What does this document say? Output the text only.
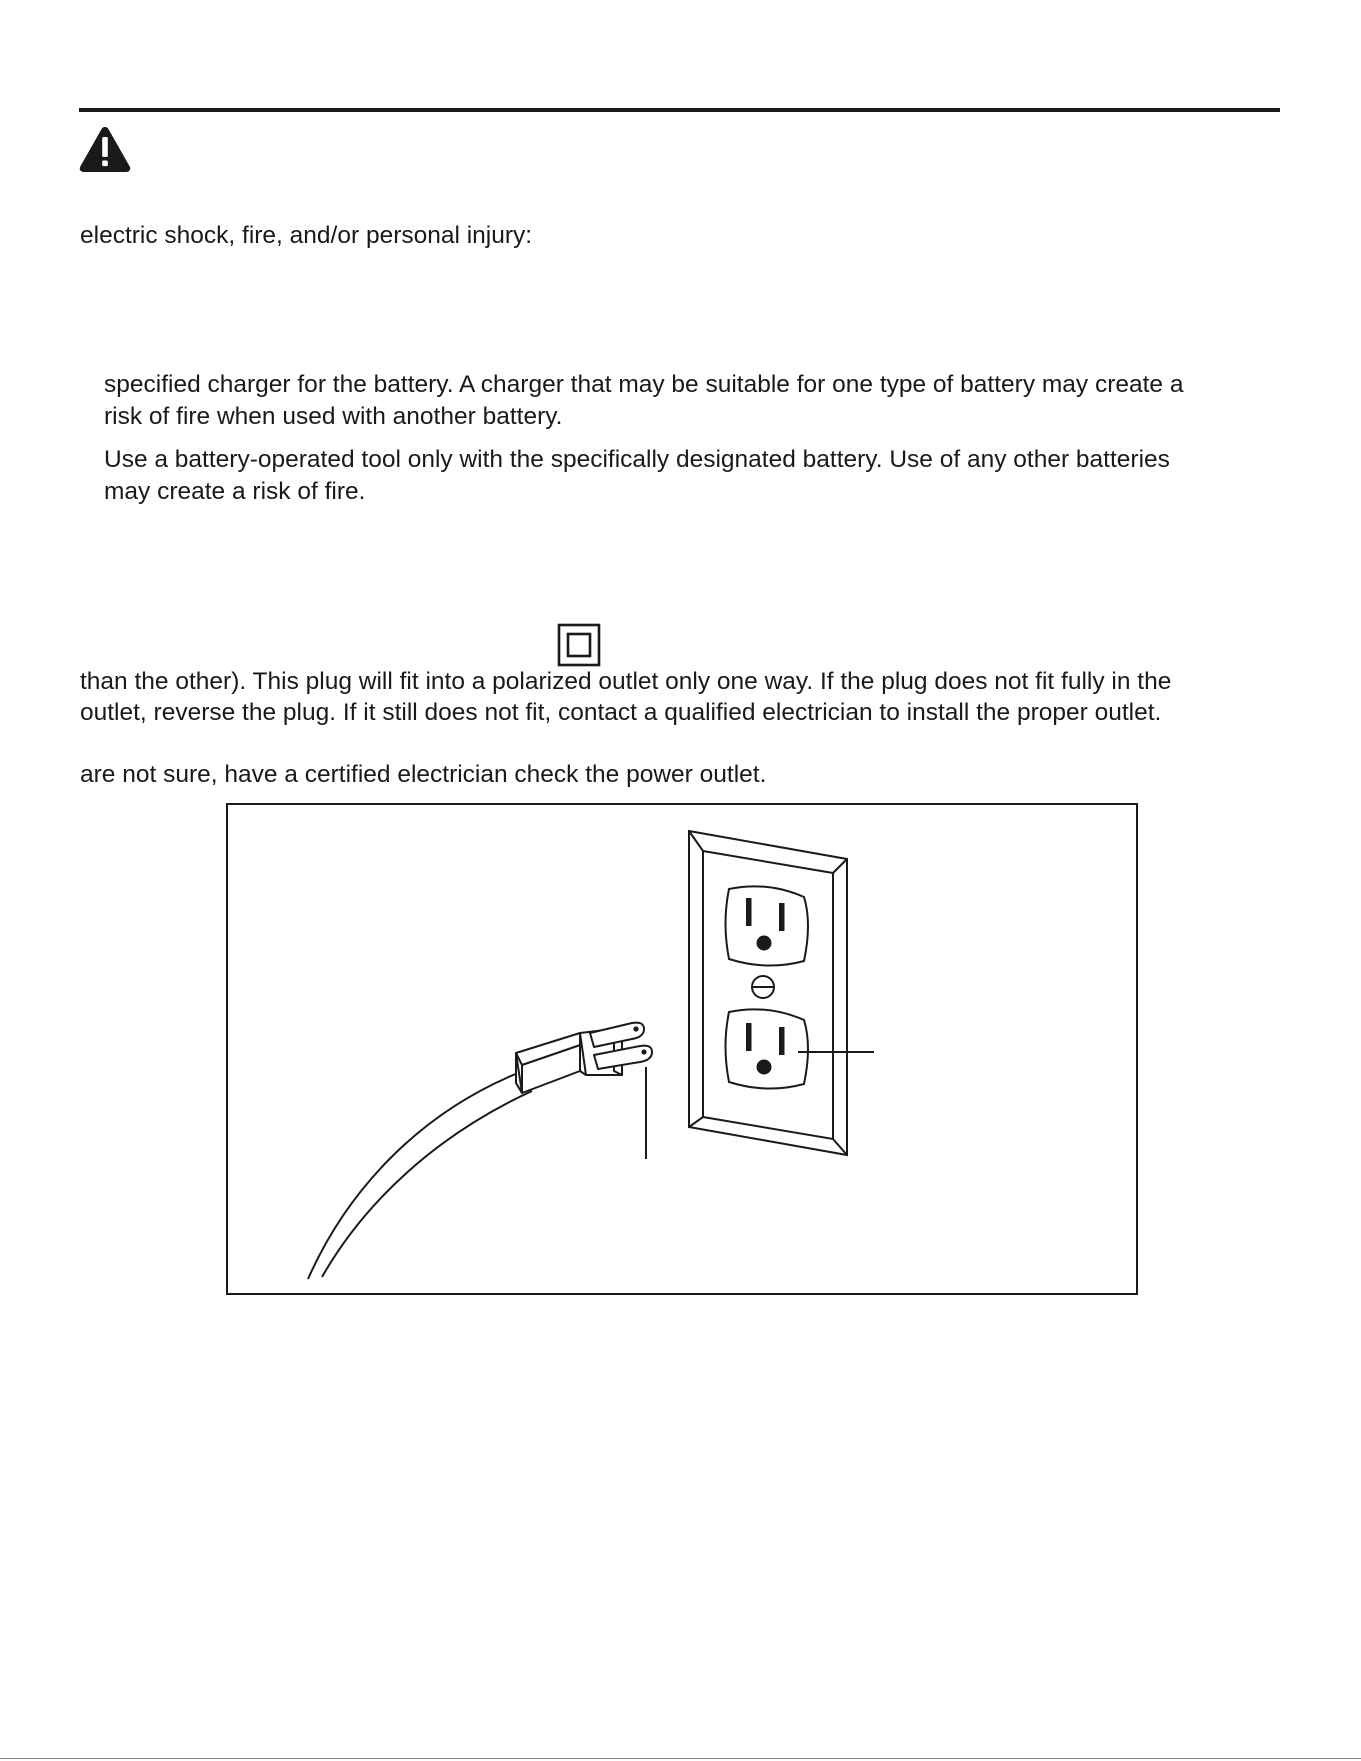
electric shock, fire, and/or personal injury:

specified charger for the battery. A charger that may be suitable for one type of battery may create a

risk of fire when used with another battery.

Use a battery-operated tool only with the specifically designated battery. Use of any other batteries

may create a risk of fire.

than the other). This plug will fit into a polarized outlet only one way. If the plug does not fit fully in the

outlet, reverse the plug. If it still does not fit, contact a qualified electrician to install the proper outlet.

are not sure, have a certified electrician check the power outlet.
